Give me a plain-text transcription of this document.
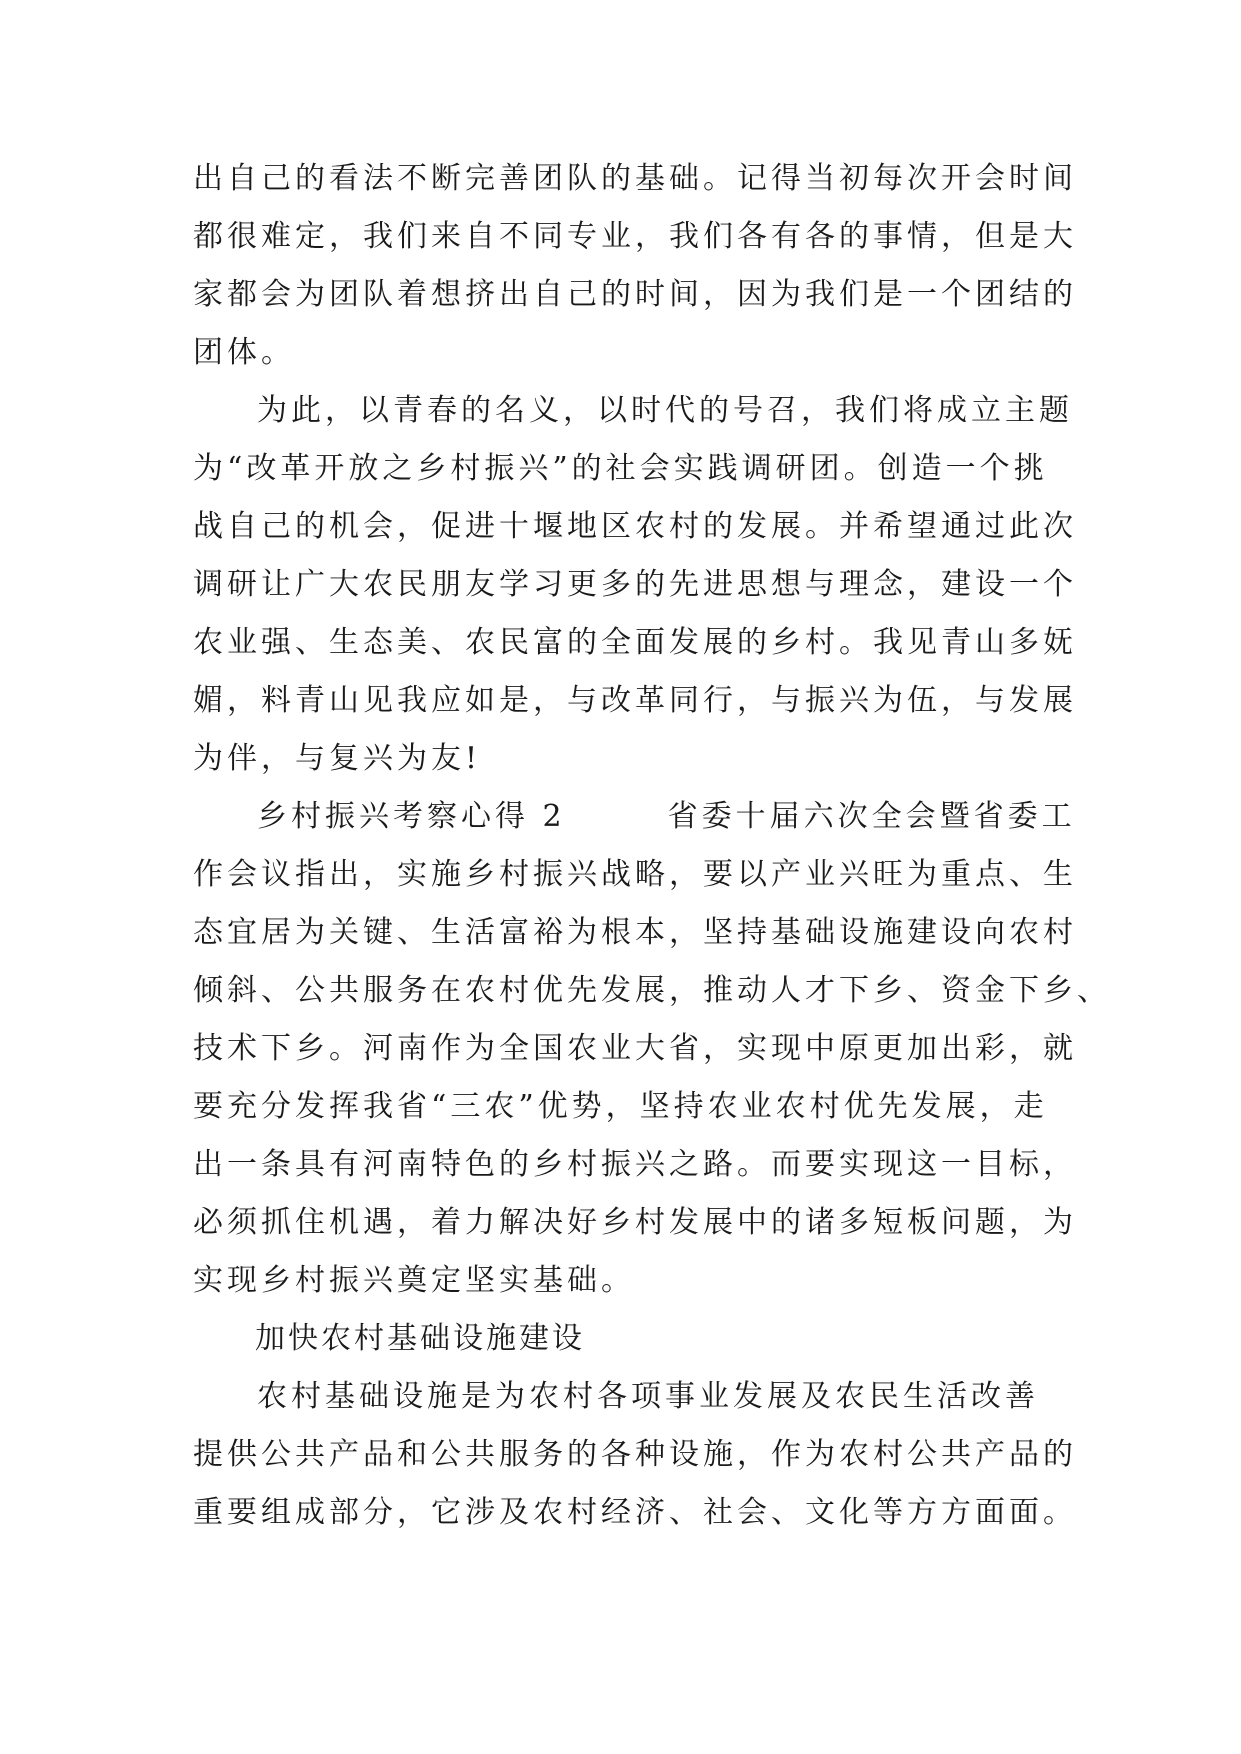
出自己的看法不断完善团队的基础。记得当初每次开会时间
都很难定，我们来自不同专业，我们各有各的事情，但是大
家都会为团队着想挤出自己的时间，因为我们是一个团结的
团体。
为此，以青春的名义，以时代的号召，我们将成立主题
为“改革开放之乡村振兴”的社会实践调研团。创造一个挑
战自己的机会，促进十堰地区农村的发展。并希望通过此次
调研让广大农民朋友学习更多的先进思想与理念，建设一个
农业强、生态美、农民富的全面发展的乡村。我见青山多妩
媚，料青山见我应如是，与改革同行，与振兴为伍，与发展
为伴，与复兴为友!
乡村振兴考察心得 2　　　省委十届六次全会暨省委工
作会议指出，实施乡村振兴战略，要以产业兴旺为重点、生
态宜居为关键、生活富裕为根本，坚持基础设施建设向农村
倾斜、公共服务在农村优先发展，推动人才下乡、资金下乡、
技术下乡。河南作为全国农业大省，实现中原更加出彩，就
要充分发挥我省“三农”优势，坚持农业农村优先发展，走
出一条具有河南特色的乡村振兴之路。而要实现这一目标，
必须抓住机遇，着力解决好乡村发展中的诸多短板问题，为
实现乡村振兴奠定坚实基础。
加快农村基础设施建设
农村基础设施是为农村各项事业发展及农民生活改善
提供公共产品和公共服务的各种设施，作为农村公共产品的
重要组成部分，它涉及农村经济、社会、文化等方方面面。
